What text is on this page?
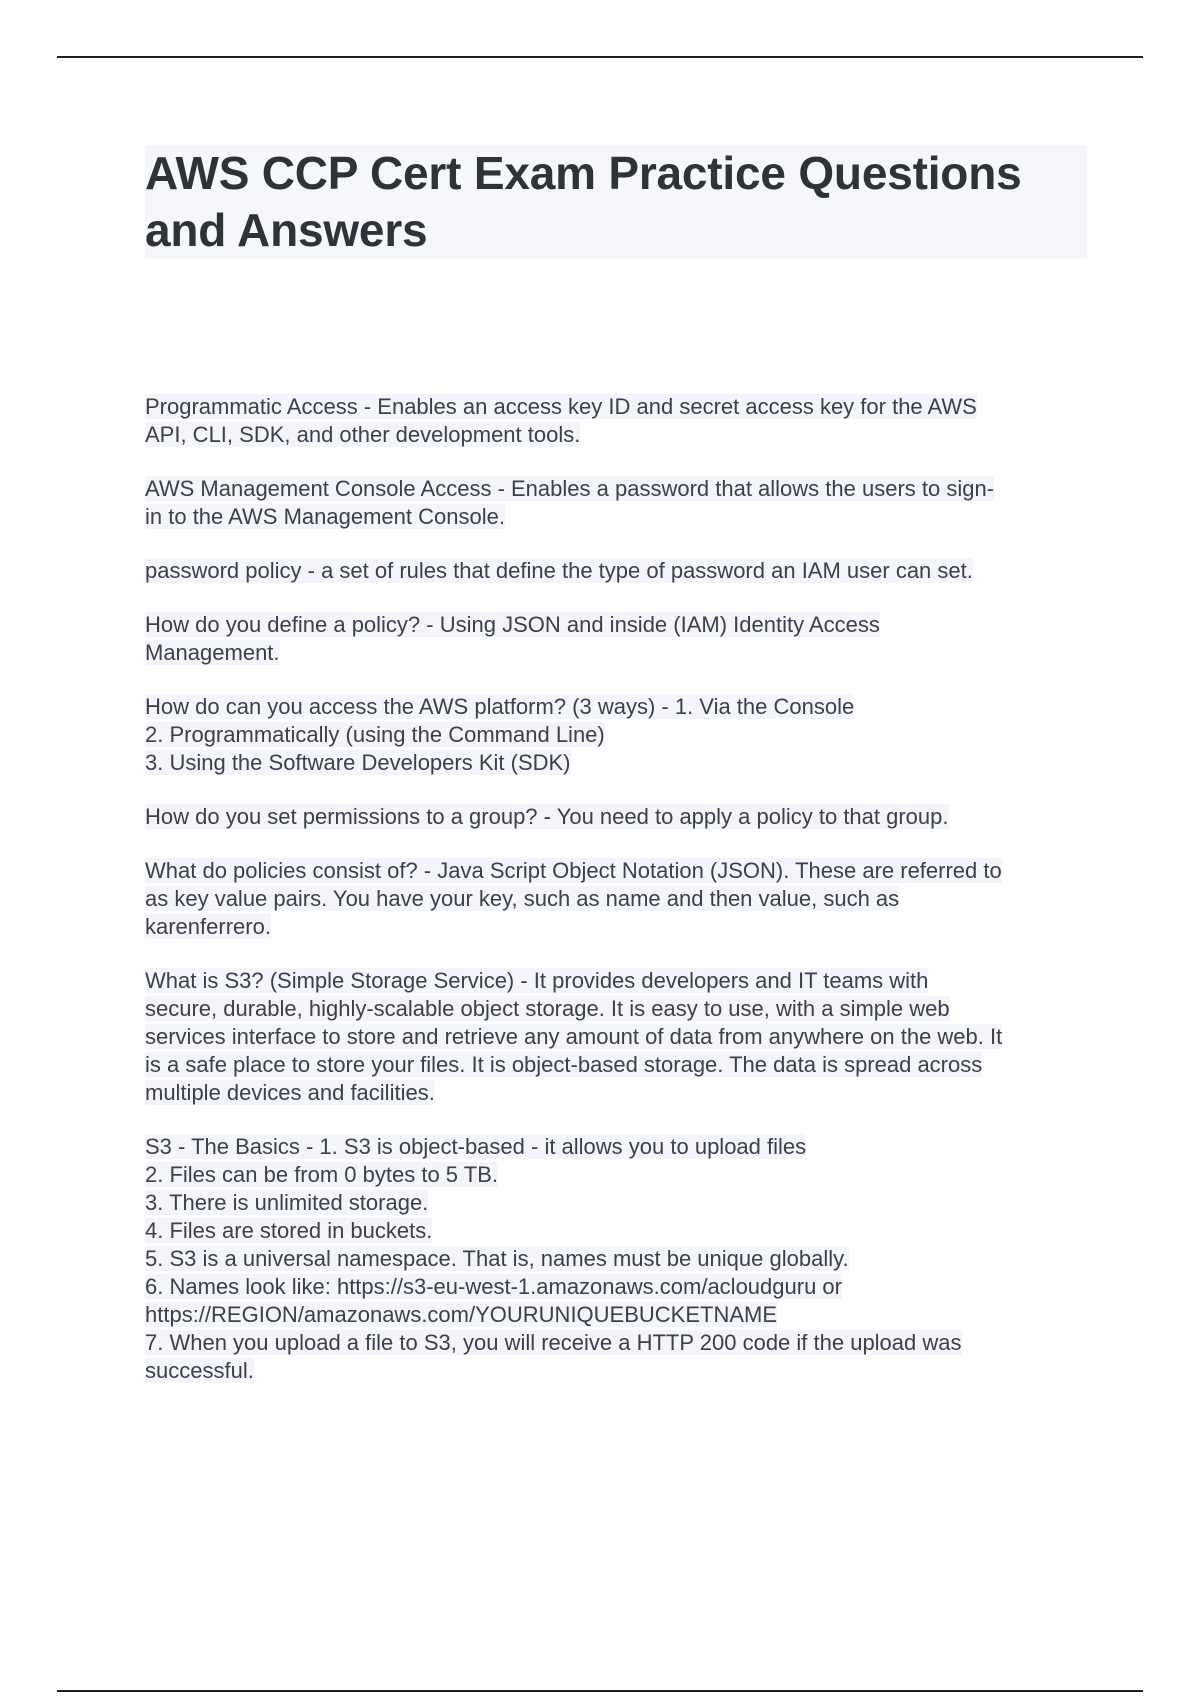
AWS CCP Cert Exam Practice Questions
and Answers
Programmatic Access - Enables an access key ID and secret access key for the AWS
API, CLI, SDK, and other development tools.
AWS Management Console Access - Enables a password that allows the users to sign-
in to the AWS Management Console.
password policy - a set of rules that define the type of password an IAM user can set.
How do you define a policy? - Using JSON and inside (IAM) Identity Access
Management.
How do can you access the AWS platform? (3 ways) - 1. Via the Console
2. Programmatically (using the Command Line)
3. Using the Software Developers Kit (SDK)
How do you set permissions to a group? - You need to apply a policy to that group.
What do policies consist of? - Java Script Object Notation (JSON). These are referred to
as key value pairs. You have your key, such as name and then value, such as
karenferrero.
What is S3? (Simple Storage Service) - It provides developers and IT teams with
secure, durable, highly-scalable object storage. It is easy to use, with a simple web
services interface to store and retrieve any amount of data from anywhere on the web. It
is a safe place to store your files. It is object-based storage. The data is spread across
multiple devices and facilities.
S3 - The Basics - 1. S3 is object-based - it allows you to upload files
2. Files can be from 0 bytes to 5 TB.
3. There is unlimited storage.
4. Files are stored in buckets.
5. S3 is a universal namespace. That is, names must be unique globally.
6. Names look like: https://s3-eu-west-1.amazonaws.com/acloudguru or
https://REGION/amazonaws.com/YOURUNIQUEBUCKETNAME
7. When you upload a file to S3, you will receive a HTTP 200 code if the upload was
successful.
